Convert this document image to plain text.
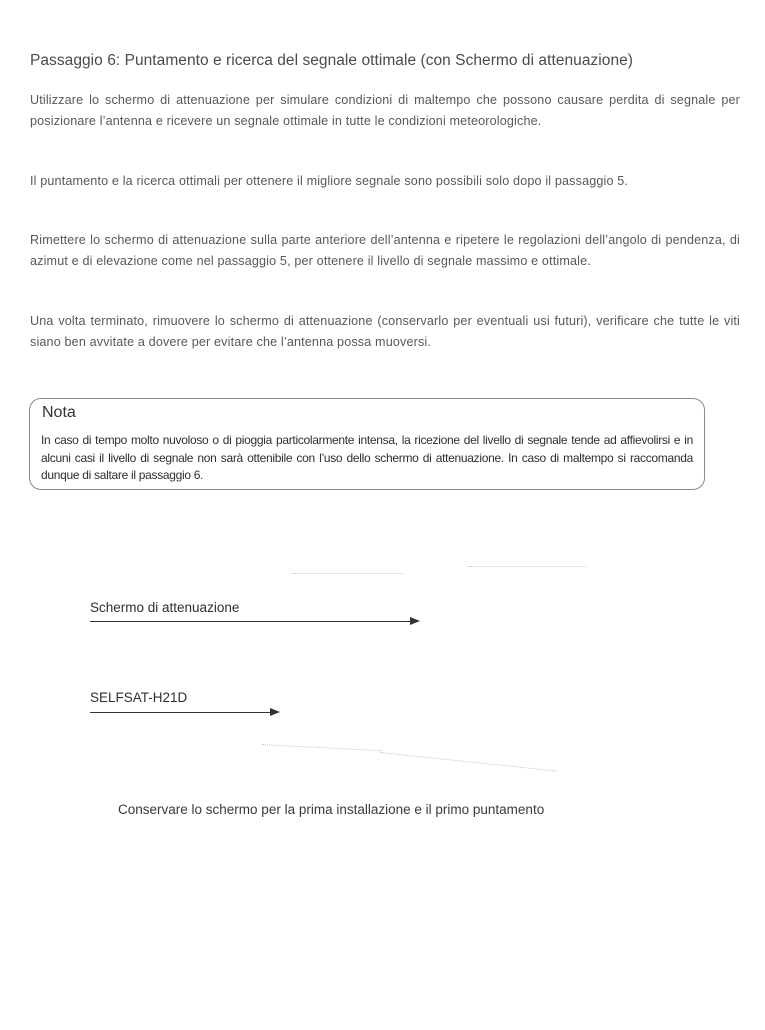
Passaggio 6: Puntamento e ricerca del segnale ottimale (con Schermo di attenuazione)

Utilizzare lo schermo di attenuazione per simulare condizioni di maltempo che possono causare perdita di segnale per posizionare l’antenna e ricevere un segnale ottimale in tutte le condizioni meteorologiche.

Il puntamento e la ricerca ottimali per ottenere il migliore segnale sono possibili solo dopo il passaggio 5.

Rimettere lo schermo di attenuazione sulla parte anteriore dell’antenna e ripetere le regolazioni dell’angolo di pendenza, di azimut e di elevazione come nel passaggio 5, per ottenere il livello di segnale massimo e ottimale.

Una volta terminato, rimuovere lo schermo di attenuazione (conservarlo per eventuali usi futuri), verificare che tutte le viti siano ben avvitate a dovere per evitare che l’antenna possa muoversi.

Nota
In caso di tempo molto nuvoloso o di pioggia particolarmente intensa, la ricezione del livello di segnale tende ad affievolirsi e in alcuni casi il livello di segnale non sarà ottenibile con l’uso dello schermo di attenuazione. In caso di maltempo si raccomanda dunque di saltare il passaggio 6.
Schermo di attenuazione
SELFSAT-H21D
Conservare lo schermo per la prima installazione e il primo puntamento
